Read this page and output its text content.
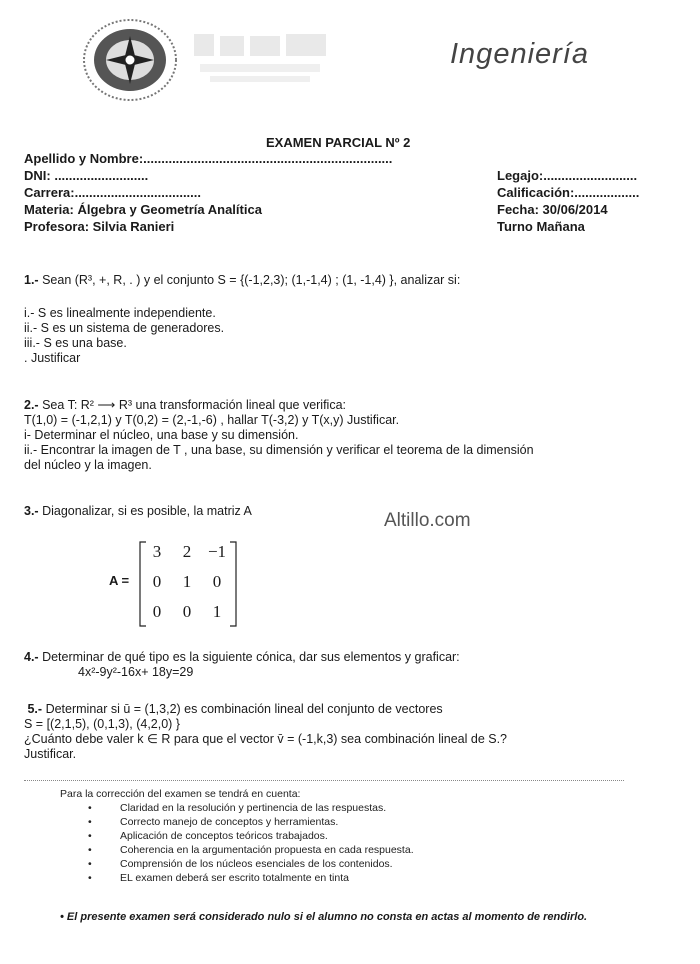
Ingeniería
EXAMEN PARCIAL Nº 2
Apellido y Nombre:.....................................................................
DNI: ..........................
Carrera:...................................
Materia: Álgebra y Geometría Analítica
Profesora: Silvia Ranieri
Legajo:..........................
Calificación:..................
Fecha: 30/06/2014
Turno Mañana
1.- Sean (R³, +, R, . ) y el conjunto S = {(-1,2,3); (1,-1,4) ; (1, -1,4) }, analizar si:
i.- S es linealmente independiente.
ii.- S es un sistema de generadores.
iii.- S es una base.
. Justificar
2.- Sea T: R² ⟶ R³ una transformación lineal que verifica:
T(1,0) = (-1,2,1) y T(0,2) = (2,-1,-6) , hallar T(-3,2) y T(x,y) Justificar.
i- Determinar el núcleo, una base y su dimensión.
ii.- Encontrar la imagen de T , una base, su dimensión y verificar el teorema de la dimensión
del núcleo y la imagen.
3.- Diagonalizar, si es posible, la matriz A	Altillo.com
A =
3	2 −1
0	1	0
0	0	1
4.- Determinar de qué tipo es la siguiente cónica, dar sus elementos y graficar:
4x²-9y²-16x+ 18y=29
5.- Determinar si ū = (1,3,2) es combinación lineal del conjunto de vectores
S = [(2,1,5), (0,1,3), (4,2,0) }
¿Cuánto debe valer k ∈ R para que el vector v̄ = (-1,k,3) sea combinación lineal de S.?
Justificar.
Para la corrección del examen se tendrá en cuenta:
• Claridad en la resolución y pertinencia de las respuestas.
• Correcto manejo de conceptos y herramientas.
• Aplicación de conceptos teóricos trabajados.
• Coherencia en la argumentación propuesta en cada respuesta.
• Comprensión de los núcleos esenciales de los contenidos.
• EL examen deberá ser escrito totalmente en tinta
• El presente examen será considerado nulo si el alumno no consta en actas al momento de rendirlo.
